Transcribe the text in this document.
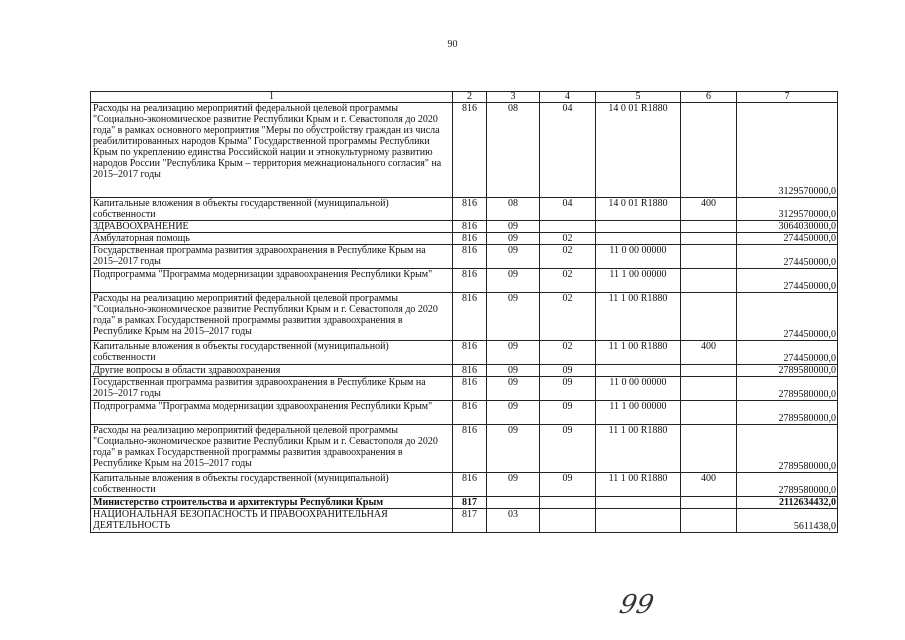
90
1	2	3	4	5	6	7
Расходы на реализацию мероприятий федеральной целевой программы "Социально-экономическое развитие Республики Крым и г. Севастополя до 2020 года" в рамках основного мероприятия "Меры по обустройству граждан из числа реабилитированных народов Крыма" Государственной программы Республики Крым по укреплению единства Российской нации и этнокультурному развитию народов России "Республика Крым – территория межнационального согласия" на 2015–2017 годы	816	08	04	14 0 01 R1880		3129570000,0
Капитальные вложения в объекты государственной (муниципальной) собственности	816	08	04	14 0 01 R1880	400	3129570000,0
ЗДРАВООХРАНЕНИЕ	816	09				3064030000,0
Амбулаторная помощь	816	09	02			274450000,0
Государственная программа развития здравоохранения в Республике Крым на 2015–2017 годы	816	09	02	11 0 00 00000		274450000,0
Подпрограмма "Программа модернизации здравоохранения Республики Крым"	816	09	02	11 1 00 00000		274450000,0
Расходы на реализацию мероприятий федеральной целевой программы "Социально-экономическое развитие Республики Крым и г. Севастополя до 2020 года" в рамках Государственной программы развития здравоохранения в Республике Крым на 2015–2017 годы	816	09	02	11 1 00 R1880		274450000,0
Капитальные вложения в объекты государственной (муниципальной) собственности	816	09	02	11 1 00 R1880	400	274450000,0
Другие вопросы в области здравоохранения	816	09	09			2789580000,0
Государственная программа развития здравоохранения в Республике Крым на 2015–2017 годы	816	09	09	11 0 00 00000		2789580000,0
Подпрограмма "Программа модернизации здравоохранения Республики Крым"	816	09	09	11 1 00 00000		2789580000,0
Расходы на реализацию мероприятий федеральной целевой программы "Социально-экономическое развитие Республики Крым и г. Севастополя до 2020 года" в рамках Государственной программы развития здравоохранения в Республике Крым на 2015–2017 годы	816	09	09	11 1 00 R1880		2789580000,0
Капитальные вложения в объекты государственной (муниципальной) собственности	816	09	09	11 1 00 R1880	400	2789580000,0
Министерство строительства и архитектуры Республики Крым	817					2112634432,0
НАЦИОНАЛЬНАЯ БЕЗОПАСНОСТЬ И ПРАВООХРАНИТЕЛЬНАЯ ДЕЯТЕЛЬНОСТЬ	817	03				5611438,0
99
